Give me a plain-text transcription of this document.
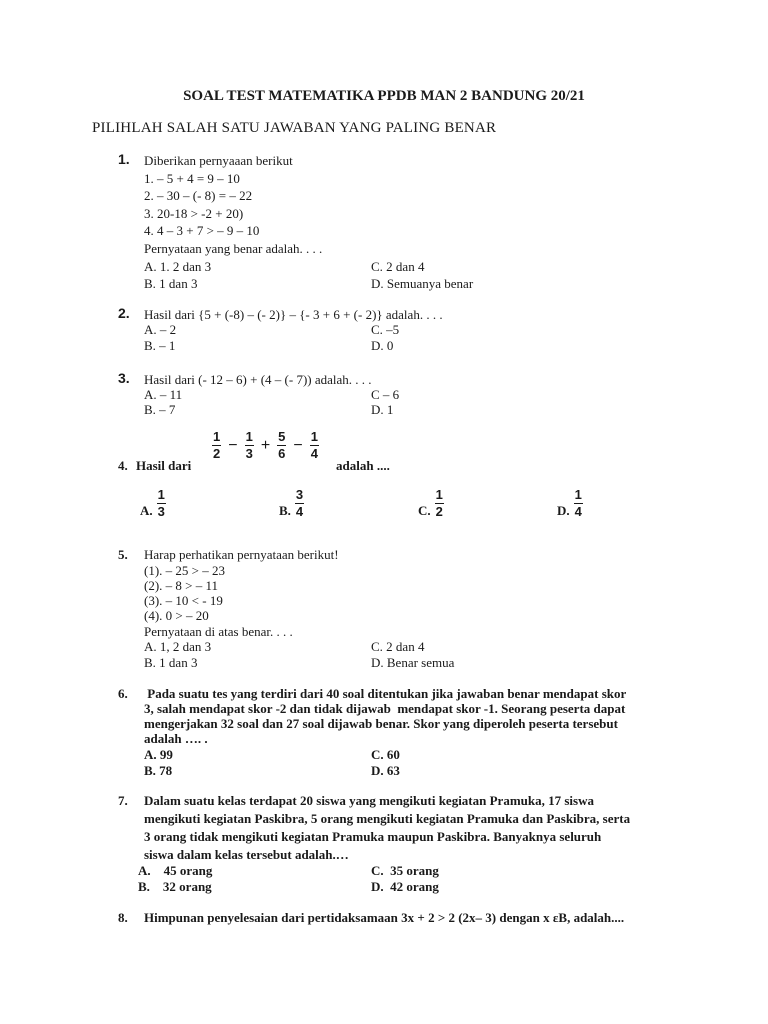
SOAL TEST MATEMATIKA PPDB MAN 2 BANDUNG 20/21
PILIHLAH SALAH SATU JAWABAN YANG PALING BENAR
1. Diberikan pernyaaan berikut
1. – 5 + 4 = 9 – 10
2. – 30 – (- 8) = – 22
3. 20-18 > -2 + 20)
4. 4 – 3 + 7 > – 9 – 10
Pernyataan yang benar adalah. . . .
A. 1. 2 dan 3	C. 2 dan 4
B. 1 dan 3	D. Semuanya benar
2. Hasil dari {5 + (-8) – (- 2)} – {- 3 + 6 + (- 2)} adalah. . . .
A. – 2	C. –5
B. – 1	D. 0
3. Hasil dari (- 12 – 6) + (4 – (- 7)) adalah. . . .
A. – 11	C – 6
B. – 7	D. 1
4. Hasil dari
$\frac{1}{2} - \frac{1}{3} + \frac{5}{6} - \frac{1}{4}$
adalah ....
A. $\frac{1}{3}$	B. $\frac{3}{4}$	C. $\frac{1}{2}$	D. $\frac{1}{4}$
5. Harap perhatikan pernyataan berikut!
(1). – 25 > – 23
(2). – 8 > – 11
(3). – 10 < - 19
(4). 0 > – 20
Pernyataan di atas benar. . . .
A. 1, 2 dan 3	C. 2 dan 4
B. 1 dan 3	D. Benar semua
6. Pada suatu tes yang terdiri dari 40 soal ditentukan jika jawaban benar mendapat skor
3, salah mendapat skor -2 dan tidak dijawab  mendapat skor -1. Seorang peserta dapat
mengerjakan 32 soal dan 27 soal dijawab benar. Skor yang diperoleh peserta tersebut
adalah …. .
A. 99	C. 60
B. 78	D. 63
7. Dalam suatu kelas terdapat 20 siswa yang mengikuti kegiatan Pramuka, 17 siswa
mengikuti kegiatan Paskibra, 5 orang mengikuti kegiatan Pramuka dan Paskibra, serta
3 orang tidak mengikuti kegiatan Pramuka maupun Paskibra. Banyaknya seluruh
siswa dalam kelas tersebut adalah.…
A.    45 orang	C.  35 orang
B.    32 orang	D.  42 orang
8. Himpunan penyelesaian dari pertidaksamaan 3x + 2 > 2 (2x– 3) dengan x εB, adalah....
